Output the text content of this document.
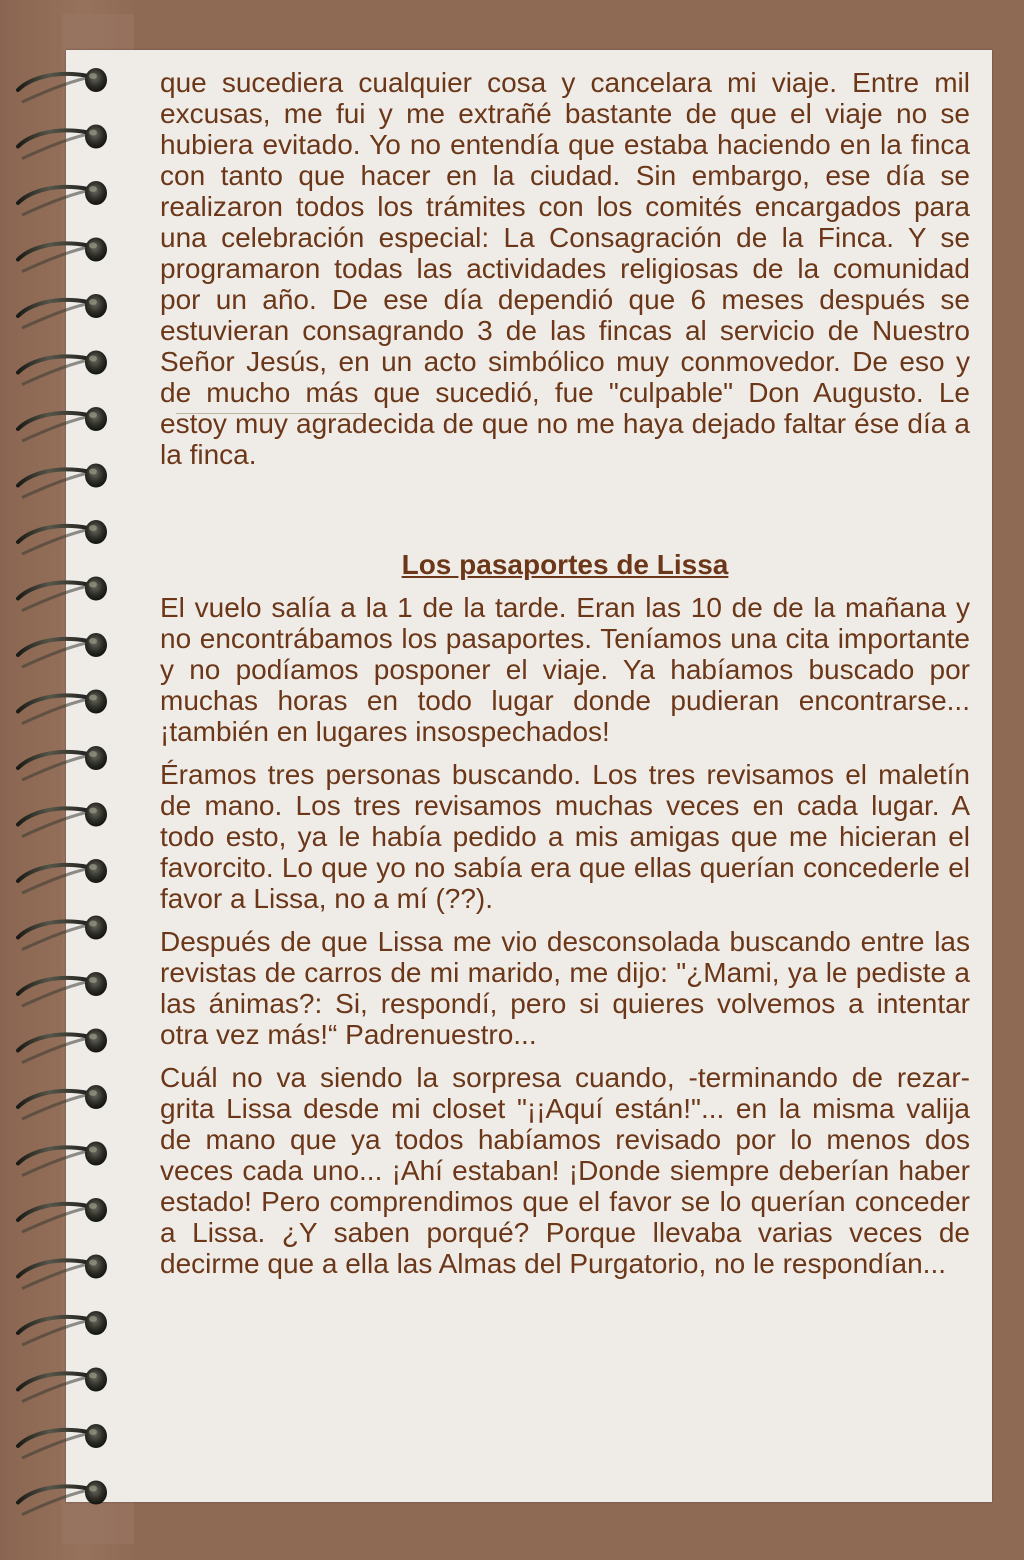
que sucediera cualquier cosa y cancelara mi viaje. Entre mil excusas, me fui y me extrañé bastante de que el viaje no se hubiera evitado. Yo no entendía que estaba haciendo en la finca con tanto que hacer en la ciudad. Sin embargo, ese día se realizaron todos los trámites con los comités encargados para una celebración especial: La Consagración de la Finca. Y se programaron todas las actividades religiosas de la comunidad por un año. De ese día dependió que 6 meses después se estuvieran consagrando 3 de las fincas al servicio de Nuestro Señor Jesús, en un acto simbólico muy conmovedor. De eso y de mucho más que sucedió, fue "culpable" Don Augusto. Le estoy muy agradecida de que no me haya dejado faltar ése día a la finca.

Los pasaportes de Lissa

El vuelo salía a la 1 de la tarde. Eran las 10 de de la mañana y no encontrábamos los pasaportes. Teníamos una cita importante y no podíamos posponer el viaje. Ya habíamos buscado por muchas horas en todo lugar donde pudieran encontrarse... ¡también en lugares insospechados!

Éramos tres personas buscando. Los tres revisamos el maletín de mano. Los tres revisamos muchas veces en cada lugar. A todo esto, ya le había pedido a mis amigas que me hicieran el favorcito. Lo que yo no sabía era que ellas querían concederle el favor a Lissa, no a mí (??).

Después de que Lissa me vio desconsolada buscando entre las revistas de carros de mi marido, me dijo: "¿Mami, ya le pediste a las ánimas?: Si, respondí, pero si quieres volvemos a intentar otra vez más!“ Padrenuestro...

Cuál no va siendo la sorpresa cuando, -terminando de rezar- grita Lissa desde mi closet "¡¡Aquí están!"... en la misma valija de mano que ya todos habíamos revisado por lo menos dos veces cada uno... ¡Ahí estaban! ¡Donde siempre deberían haber estado! Pero comprendimos que el favor se lo querían conceder a Lissa. ¿Y saben porqué? Porque llevaba varias veces de decirme que a ella las Almas del Purgatorio, no le respondían...
